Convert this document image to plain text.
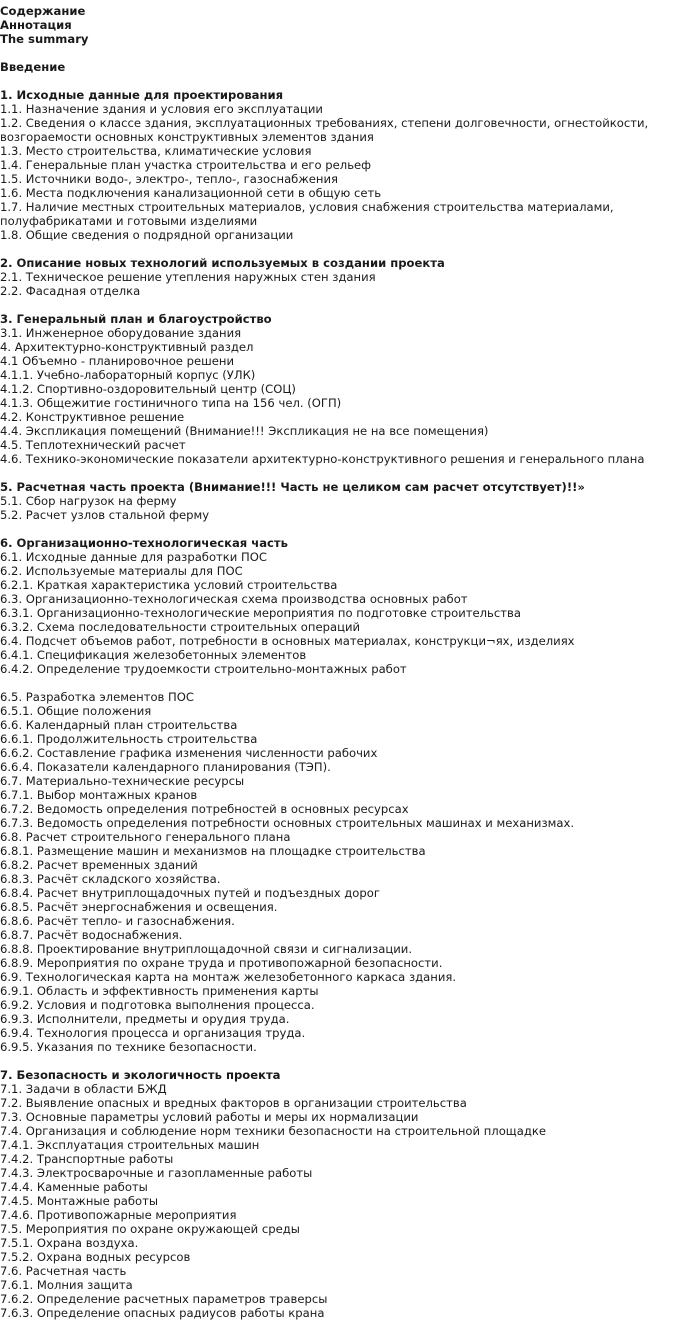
Содержание
Аннотация
The summary
Введение
1. Исходные данные для проектирования
1.1. Назначение здания и условия его эксплуатации
1.2. Сведения о классе здания, эксплуатационных требованиях, степени долговечности, огнестойкости, возгораемости основных конструктивных элементов здания
1.3. Место строительства, климатические условия
1.4. Генеральные план участка строительства и его рельеф
1.5. Источники водо-, электро-, тепло-, газоснабжения
1.6. Места подключения канализационной сети в общую сеть
1.7. Наличие местных строительных материалов, условия снабжения строительства материалами, полуфабрикатами и готовыми изделиями
1.8. Общие сведения о подрядной организации
2. Описание новых технологий используемых в создании проекта
2.1. Техническое решение утепления наружных стен здания
2.2. Фасадная отделка
3. Генеральный план и благоустройство
3.1. Инженерное оборудование здания
4. Архитектурно-конструктивный раздел
4.1 Объемно - планировочное решени
4.1.1. Учебно-лабораторный корпус (УЛК)
4.1.2. Спортивно-оздоровительный центр (СОЦ)
4.1.3. Общежитие гостиничного типа на 156 чел. (ОГП)
4.2. Конструктивное решение
4.4. Экспликация помещений (Внимание!!! Экспликация не на все помещения)
4.5. Теплотехнический расчет
4.6. Технико-экономические показатели архитектурно-конструктивного решения и генерального плана
5. Расчетная часть проекта (Внимание!!! Часть не целиком сам расчет отсутствует)!!»
5.1. Сбор нагрузок на ферму
5.2. Расчет узлов стальной ферму
6. Организационно-технологическая часть
6.1. Исходные данные для разработки ПОС
6.2. Используемые материалы для ПОС
6.2.1. Краткая характеристика условий строительства
6.3. Организационно-технологическая схема производства основных работ
6.3.1. Организационно-технологические мероприятия по подготовке строительства
6.3.2. Схема последовательности строительных операций
6.4. Подсчет объемов работ, потребности в основных материалах, конструкци¬ях, изделиях
6.4.1. Спецификация железобетонных элементов
6.4.2. Определение трудоемкости строительно-монтажных работ
6.5. Разработка элементов ПОС
6.5.1. Общие положения
6.6. Календарный план строительства
6.6.1. Продолжительность строительства
6.6.2. Составление графика изменения численности рабочих
6.6.4. Показатели календарного планирования (ТЭП).
6.7. Материально-технические ресурсы
6.7.1. Выбор монтажных кранов
6.7.2. Ведомость определения потребностей в основных ресурсах
6.7.3. Ведомость определения потребности основных строительных машинах и механизмах.
6.8. Расчет строительного генерального плана
6.8.1. Размещение машин и механизмов на площадке строительства
6.8.2. Расчет временных зданий
6.8.3. Расчёт складского хозяйства.
6.8.4. Расчет внутриплощадочных путей и подъездных дорог
6.8.5. Расчёт энергоснабжения и освещения.
6.8.6. Расчёт тепло- и газоснабжения.
6.8.7. Расчёт водоснабжения.
6.8.8. Проектирование внутриплощадочной связи и сигнализации.
6.8.9. Мероприятия по охране труда и противопожарной безопасности.
6.9. Технологическая карта на монтаж железобетонного каркаса здания.
6.9.1. Область и эффективность применения карты
6.9.2. Условия и подготовка выполнения процесса.
6.9.3. Исполнители, предметы и орудия труда.
6.9.4. Технология процесса и организация труда.
6.9.5. Указания по технике безопасности.
7. Безопасность и экологичность проекта
7.1. Задачи в области БЖД
7.2. Выявление опасных и вредных факторов в организации строительства
7.3. Основные параметры условий работы и меры их нормализации
7.4. Организация и соблюдение норм техники безопасности на строительной площадке
7.4.1. Эксплуатация строительных машин
7.4.2. Транспортные работы
7.4.3. Электросварочные и газопламенные работы
7.4.4. Каменные работы
7.4.5. Монтажные работы
7.4.6. Противопожарные мероприятия
7.5. Мероприятия по охране окружающей среды
7.5.1. Охрана воздуха.
7.5.2. Охрана водных ресурсов
7.6. Расчетная часть
7.6.1. Молния защита
7.6.2. Определение расчетных параметров траверсы
7.6.3. Определение опасных радиусов работы крана
